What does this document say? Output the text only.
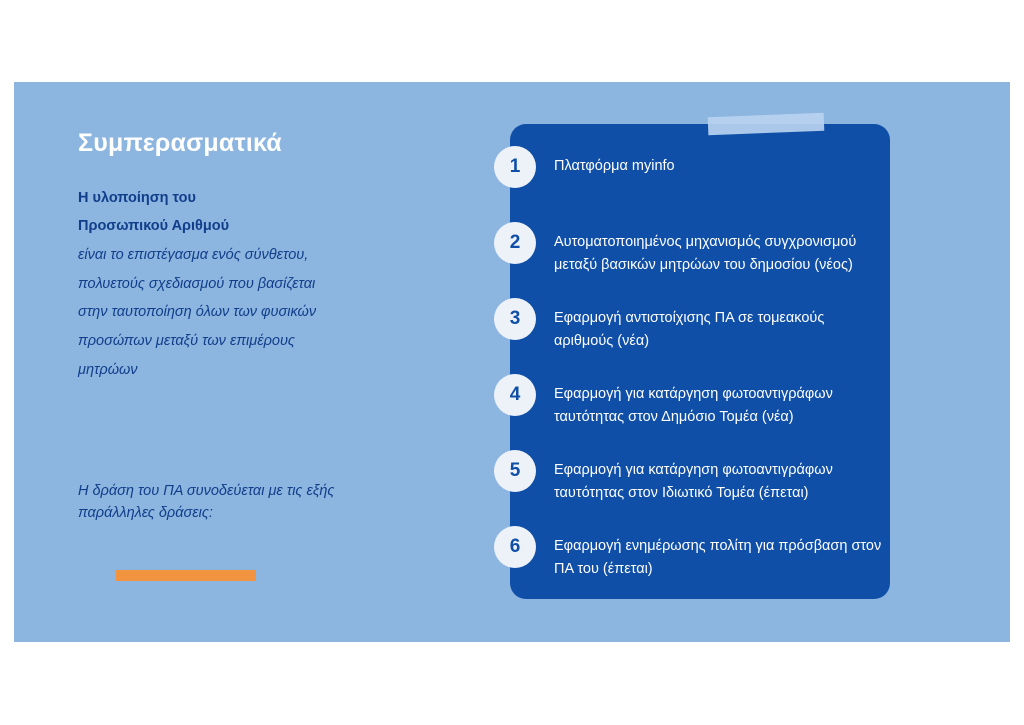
Συμπερασματικά

Η υλοποίηση του
Προσωπικού Αριθμού
είναι το επιστέγασμα ενός σύνθετου,
πολυετούς σχεδιασμού που βασίζεται
στην ταυτοποίηση όλων των φυσικών
προσώπων μεταξύ των επιμέρους
μητρώων

Η δράση του ΠΑ συνοδεύεται με τις εξής παράλληλες δράσεις:
1	Πλατφόρμα myinfo
2	Αυτοματοποιημένος μηχανισμός συγχρονισμού μεταξύ βασικών μητρώων του δημοσίου (νέος)
3	Εφαρμογή αντιστοίχισης ΠΑ σε τομεακούς αριθμούς (νέα)
4	Εφαρμογή για κατάργηση φωτοαντιγράφων ταυτότητας στον Δημόσιο Τομέα (νέα)
5	Εφαρμογή για κατάργηση φωτοαντιγράφων ταυτότητας στον Ιδιωτικό Τομέα (έπεται)
6	Εφαρμογή ενημέρωσης πολίτη για πρόσβαση στον ΠΑ του (έπεται)
